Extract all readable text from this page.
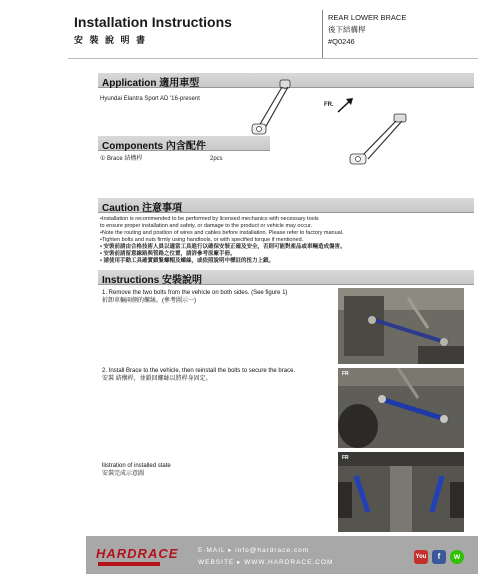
Installation Instructions
安 裝 說 明 書
REAR LOWER BRACE
後下結構桿
#Q0246
Application 適用車型
Hyundai Elantra Sport AD '16-present
FR.
Components 內含配件
① Brace 結構桿	2pcs
Caution 注意事項
•Installation is recommended to be performed by licensed mechanics with necessary tools
to ensure proper installation and safety, or damage to the product or vehicle may occur.
•Note the routing and position of wires and cables before installation. Please refer to factory manual.
•Tighten bolts and nuts firmly using handtools, or with specified torque if mentioned.
• 安裝前請由合格技術人員以適當工具進行以確保安裝正確及安全，否則可能對產品或車輛造成傷害。
• 安裝前請留意線路與管路之位置，請詳參考原廠手冊。
• 請使用手動工具確實鎖緊螺帽及螺絲，或依照說明中標註的扭力上鎖。
Instructions 安裝說明
1. Remove the two bolts from the vehicle on both sides. (See figure 1)
折卸車輛兩側的螺絲。(參考圖示一)
2. Install Brace to the vehicle, then reinstall the bolts to secure the brace.
安裝 結構桿，並鎖回螺絲以將桿身固定。
llistration of installed state
安裝完成示意圖
FR
FR
HARDRACE	E-MAIL ▸ info@hardrace.com
WEBSITE ▸ WWW.HARDRACE.COM
You	f	w
